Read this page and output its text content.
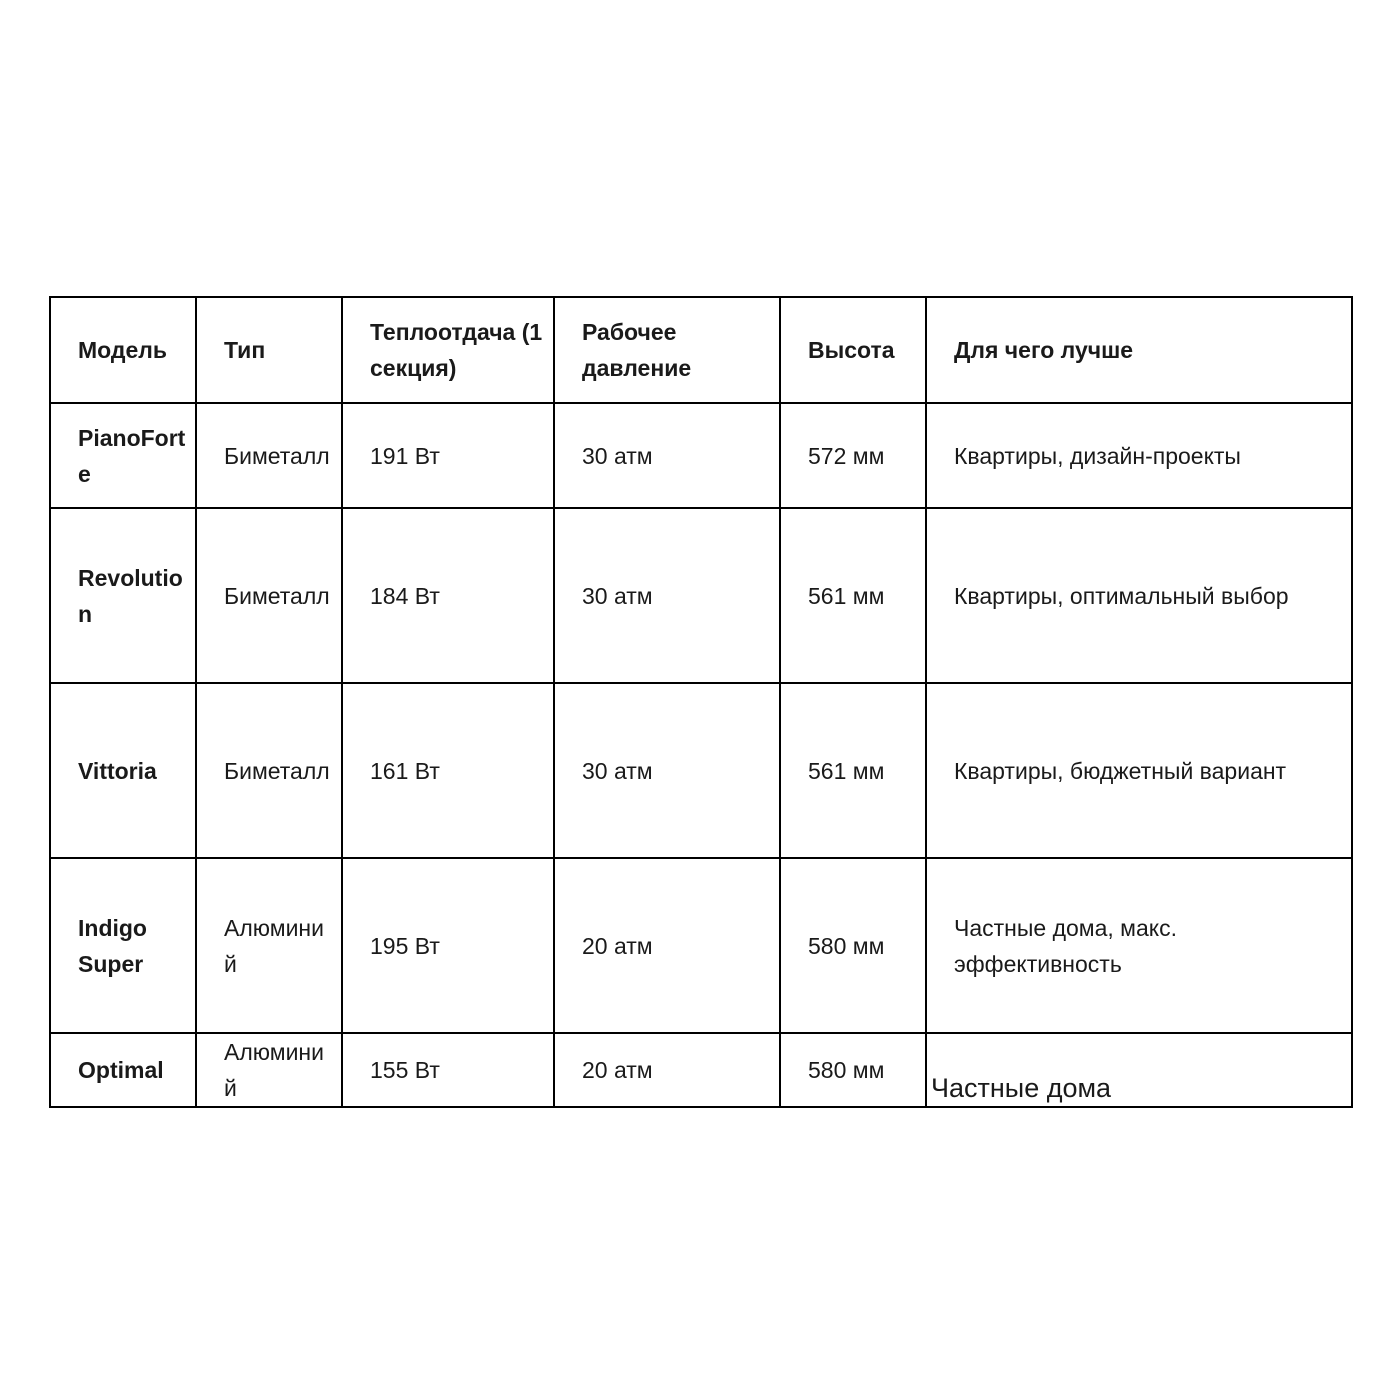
Модель	Тип	Теплоотдача (1 секция)	Рабочее давление	Высота	Для чего лучше
PianoForte	Биметалл	191 Вт	30 атм	572 мм	Квартиры, дизайн-проекты
Revolution	Биметалл	184 Вт	30 атм	561 мм	Квартиры, оптимальный выбор
Vittoria	Биметалл	161 Вт	30 атм	561 мм	Квартиры, бюджетный вариант
Indigo Super	Алюминий	195 Вт	20 атм	580 мм	Частные дома, макс. эффективность
Optimal	Алюминий	155 Вт	20 атм	580 мм	Частные дома
